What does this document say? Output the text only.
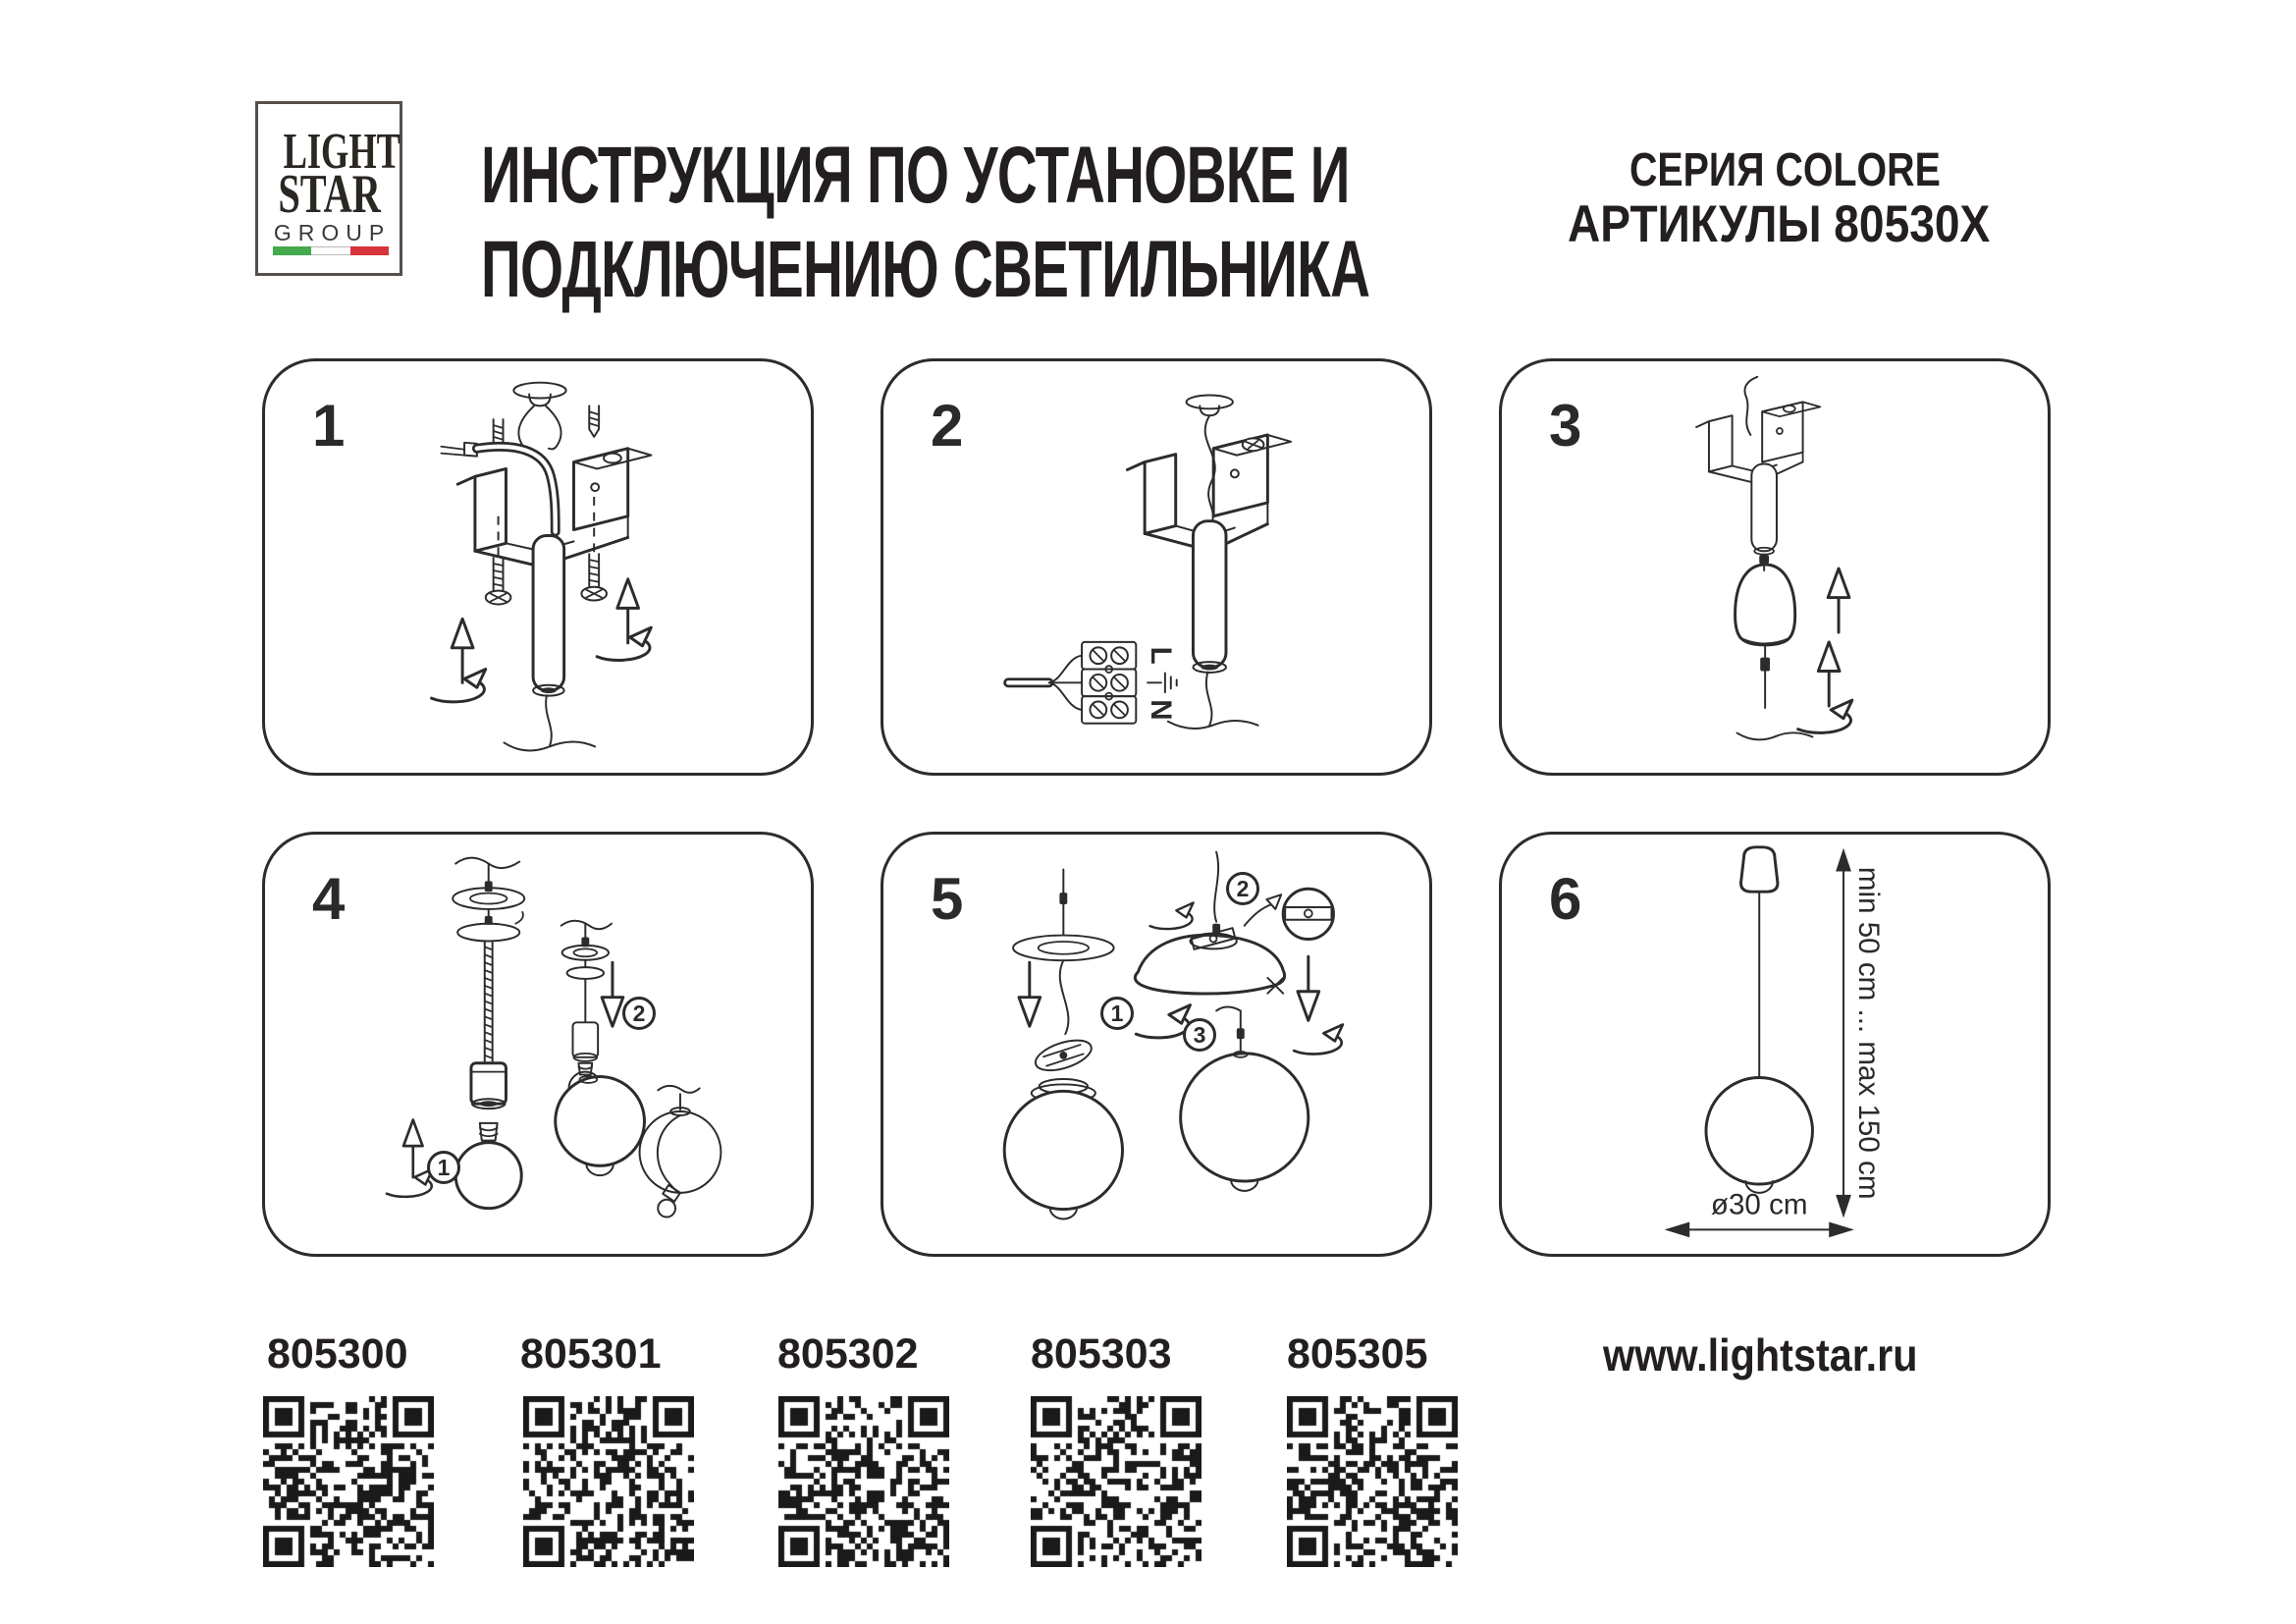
LIGHT
STAR
GROUP
ИНСТРУКЦИЯ ПО УСТАНОВКЕ И
ПОДКЛЮЧЕНИЮ СВЕТИЛЬНИКА
СЕРИЯ COLORE
АРТИКУЛЫ 80530X
1	2
L
N
3
4
1
2
5
1
2
3
6	min 50 cm ... max 150 cm
ø30 cm
805300	805301	805302	805303	805305	www.lightstar.ru
